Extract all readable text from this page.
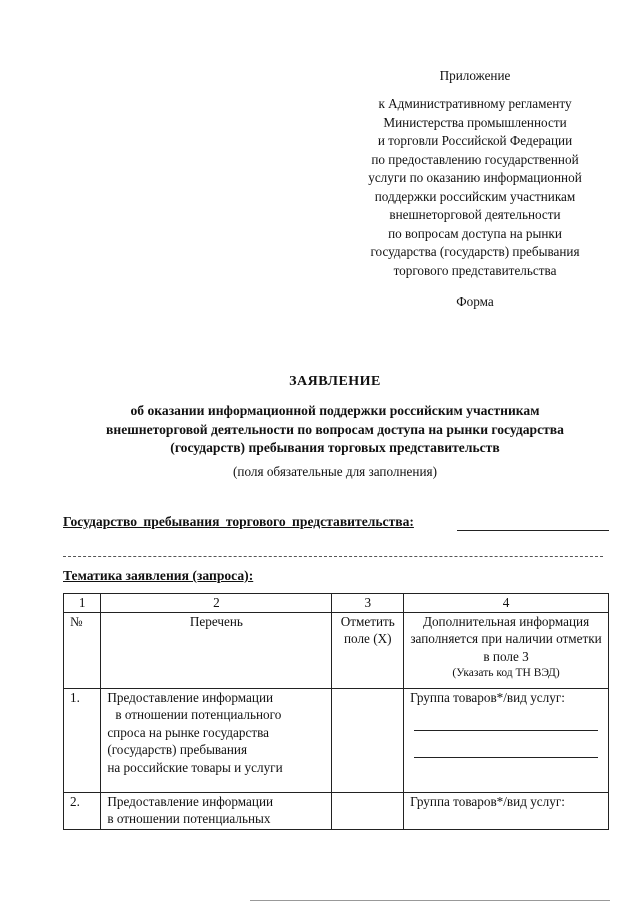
Приложение
к Административному регламенту
Министерства промышленности
и торговли Российской Федерации
по предоставлению государственной
услуги по оказанию информационной
поддержки российским участникам
внешнеторговой деятельности
по вопросам доступа на рынки
государства (государств) пребывания
торгового представительства
Форма
ЗАЯВЛЕНИЕ
об оказании информационной поддержки российским участникам
внешнеторговой деятельности по вопросам доступа на рынки государства
(государств) пребывания торговых представительств
(поля обязательные для заполнения)
Государство пребывания торгового представительства:
Тематика заявления (запроса):
1	2	3	4
№	Перечень	Отметить поле (X)	Дополнительная информация заполняется при наличии отметки в поле 3
(Указать код ТН ВЭД)

1.	Предоставление информации
в отношении потенциального
спроса на рынке государства
(государств) пребывания
на российские товары и услуги		Группа товаров*/вид услуг:

2.	Предоставление информации
в отношении потенциальных		Группа товаров*/вид услуг:
